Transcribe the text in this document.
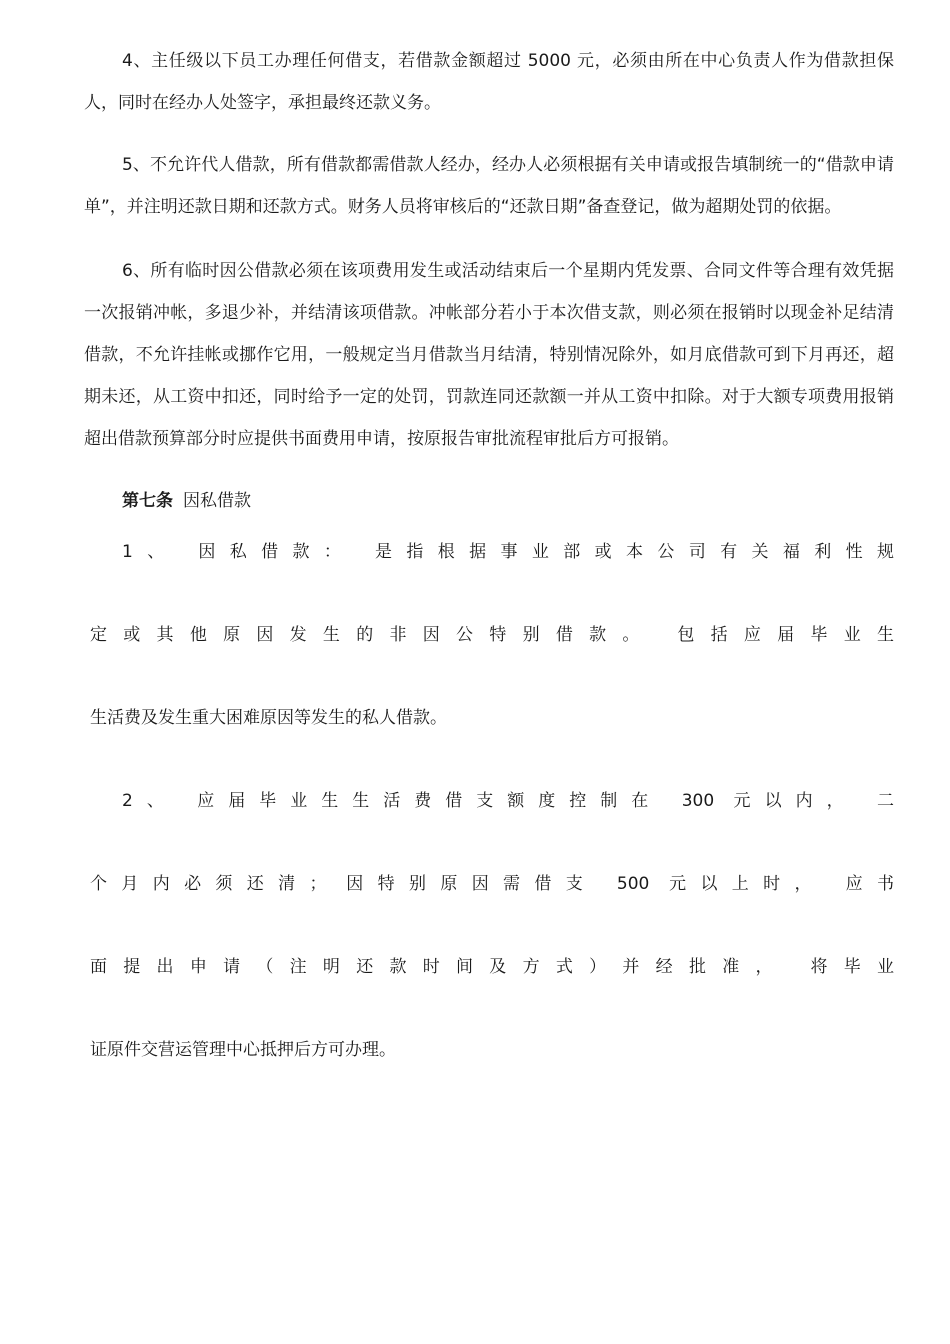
4、主任级以下员工办理任何借支，若借款金额超过 5000 元，必须由所在中心负责人作为借款担保人，同时在经办人处签字，承担最终还款义务。

5、不允许代人借款，所有借款都需借款人经办，经办人必须根据有关申请或报告填制统一的“借款申请单”，并注明还款日期和还款方式。财务人员将审核后的“还款日期”备查登记，做为超期处罚的依据。

6、所有临时因公借款必须在该项费用发生或活动结束后一个星期内凭发票、合同文件等合理有效凭据一次报销冲帐，多退少补，并结清该项借款。冲帐部分若小于本次借支款，则必须在报销时以现金补足结清借款，不允许挂帐或挪作它用，一般规定当月借款当月结清，特别情况除外，如月底借款可到下月再还，超期未还，从工资中扣还，同时给予一定的处罚，罚款连同还款额一并从工资中扣除。对于大额专项费用报销超出借款预算部分时应提供书面费用申请，按原报告审批流程审批后方可报销。

第七条 因私借款

1、 因私借款： 是指根据事业部或本公司有关福利性规
定或其他原因发生的非因公特别借款。 包括应届毕业生
生活费及发生重大困难原因等发生的私人借款。
2、 应届毕业生生活费借支额度控制在 300 元以内， 二
个月内必须还清； 因特别原因需借支 500 元以上时， 应书
面提出申请（注明还款时间及方式）并经批准， 将毕业
证原件交营运管理中心抵押后方可办理。
